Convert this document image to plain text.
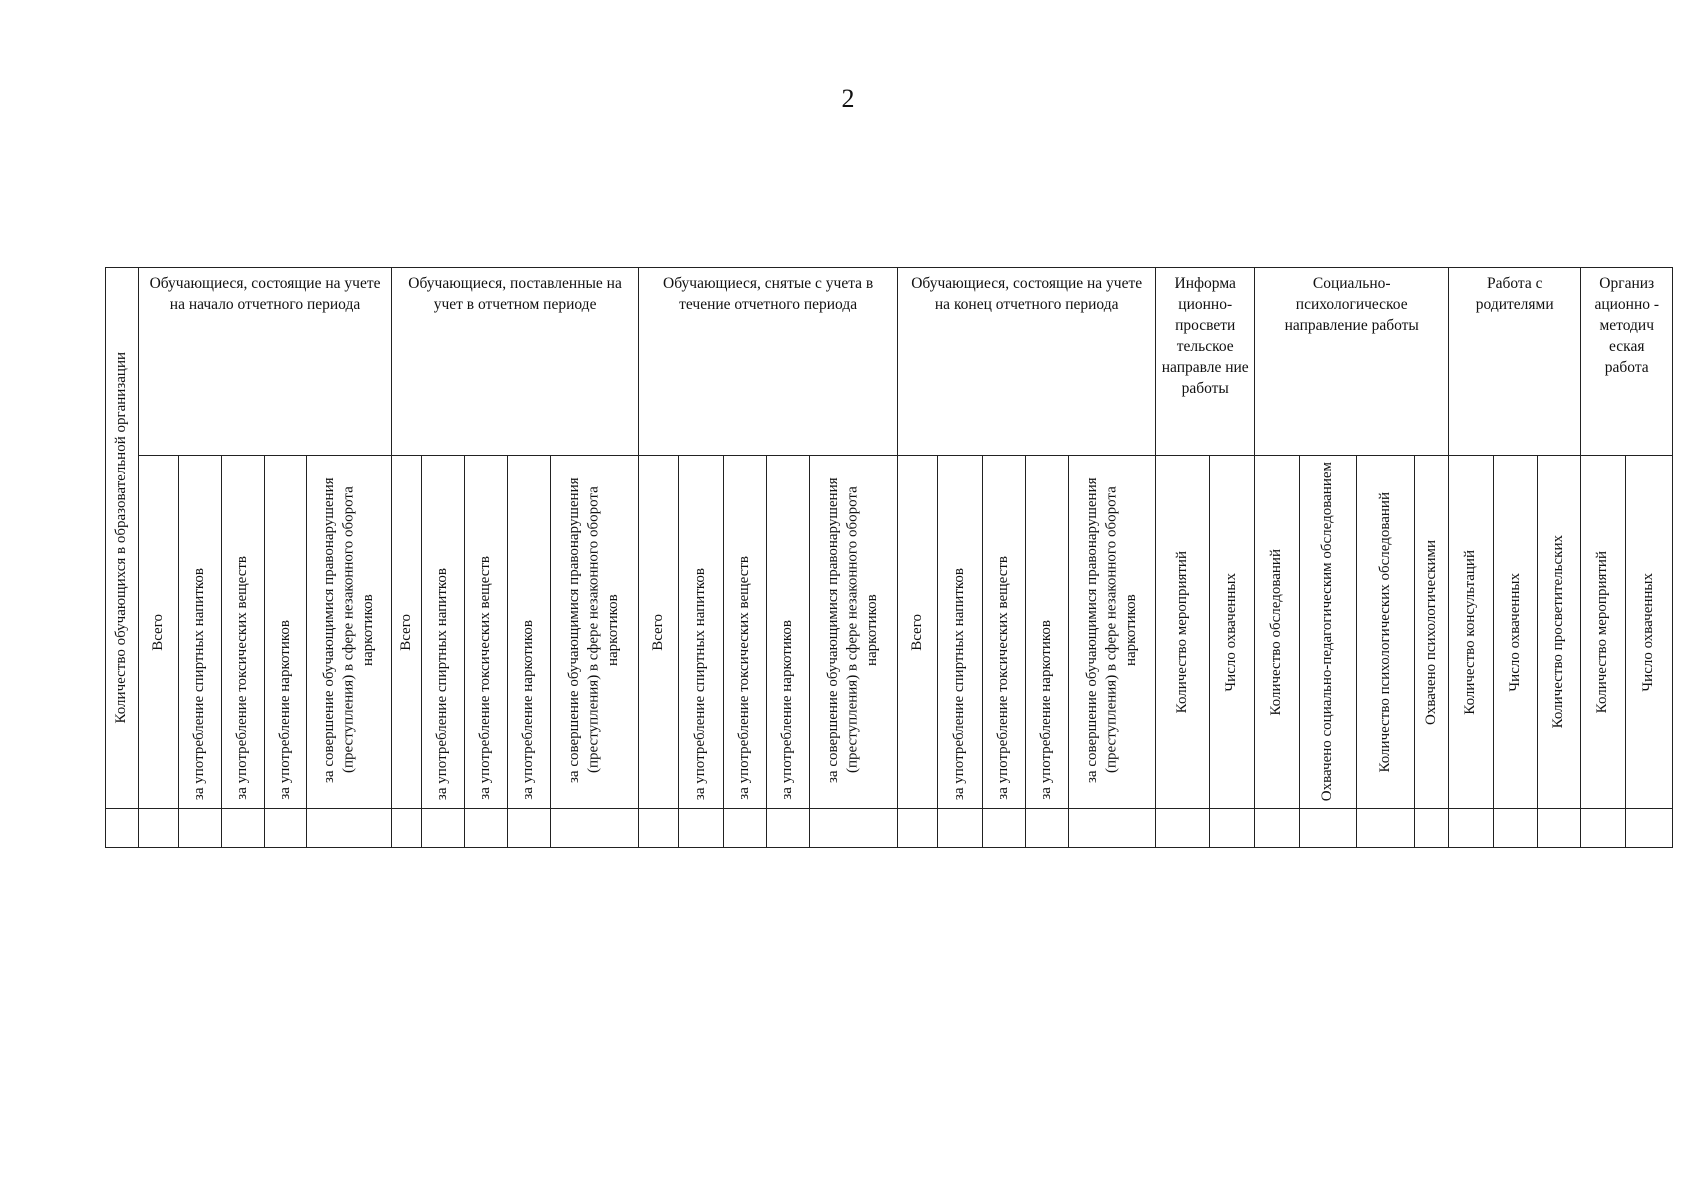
2
Количество обучающихся в образовательной организации	Обучающиеся, состоящие на учете на начало отчетного периода					Обучающиеся, поставленные на учет в отчетном периоде					Обучающиеся, снятые с учета в течение отчетного периода					Обучающиеся, состоящие на учете на конец отчетного периода					Информа ционно- просвети тельское направле ние работы		Социально- психологическое направление работы				Работа с родителями			Организ ационно - методич еская работа	

	Всего	за употребление спиртных напитков	за употребление токсических веществ	за употребление наркотиков	за совершение обучающимися правонарушения (преступления) в сфере незаконного оборота наркотиков	Всего	за употребление спиртных напитков	за употребление токсических веществ	за употребление наркотиков	за совершение обучающимися правонарушения (преступления) в сфере незаконного оборота наркотиков	Всего	за употребление спиртных напитков	за употребление токсических веществ	за употребление наркотиков	за совершение обучающимися правонарушения (преступления) в сфере незаконного оборота наркотиков	Всего	за употребление спиртных напитков	за употребление токсических веществ	за употребление наркотиков	за совершение обучающимися правонарушения (преступления) в сфере незаконного оборота наркотиков	Количество мероприятий	Число охваченных	Количество обследований	Охвачено социально-педагогическим обследованием	Количество психологических обследований	Охвачено психологическими	Количество консультаций	Число охваченных	Количество просветительских	Количество мероприятий	Число охваченных
